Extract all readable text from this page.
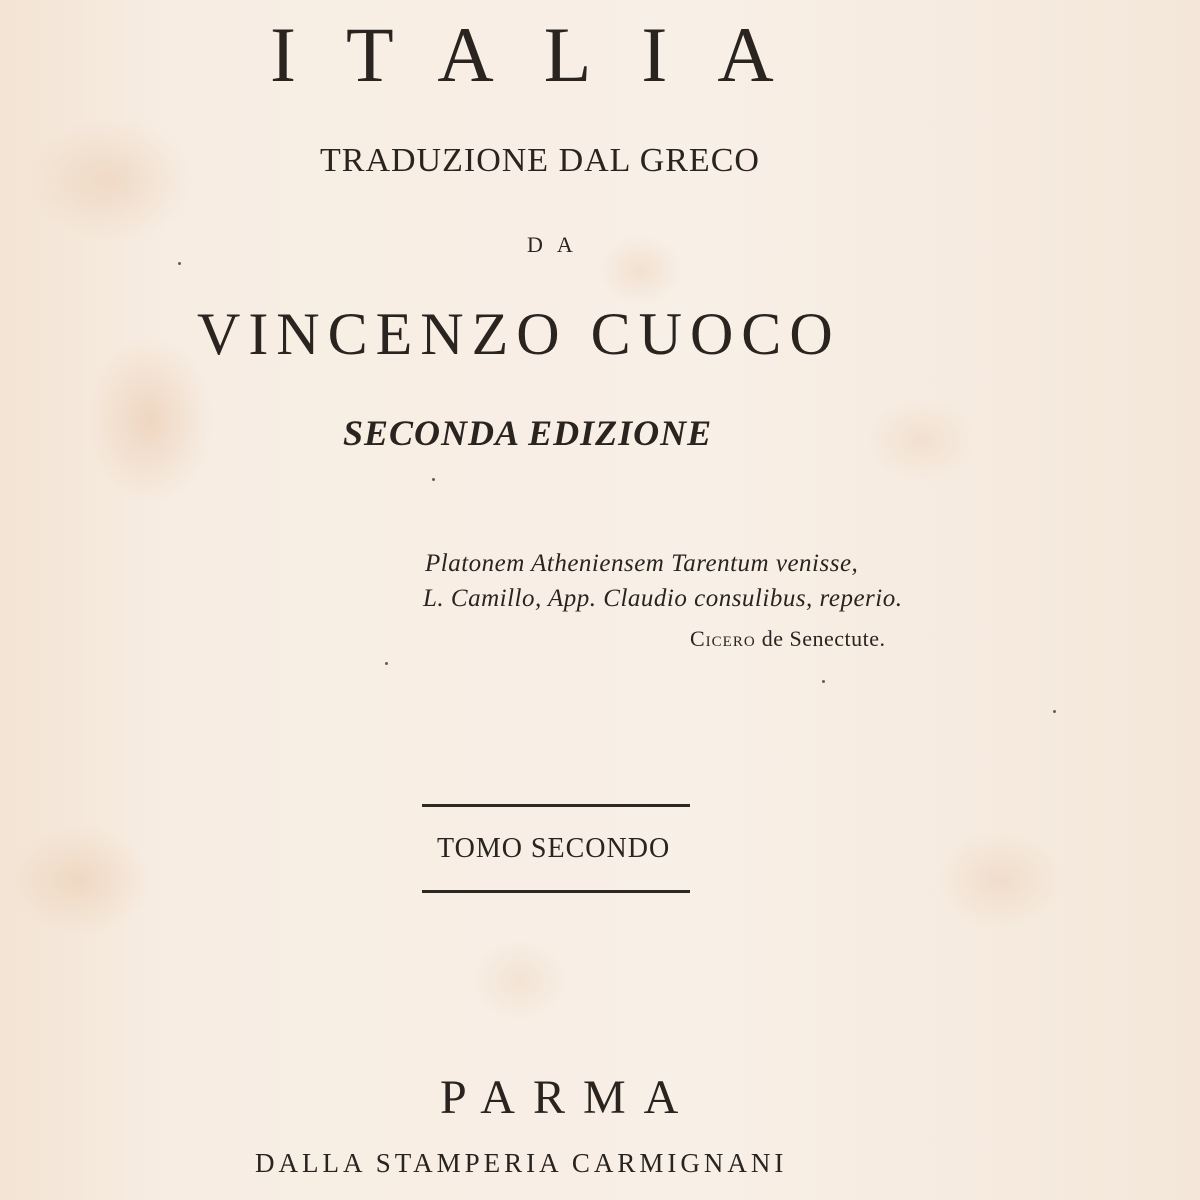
ITALIA
TRADUZIONE DAL GRECO
DA
VINCENZO CUOCO
SECONDA EDIZIONE
Platonem Atheniensem Tarentum venisse,
L. Camillo, App. Claudio consulibus, reperio.
Cicero de Senectute.
TOMO SECONDO
PARMA
DALLA STAMPERIA CARMIGNANI
